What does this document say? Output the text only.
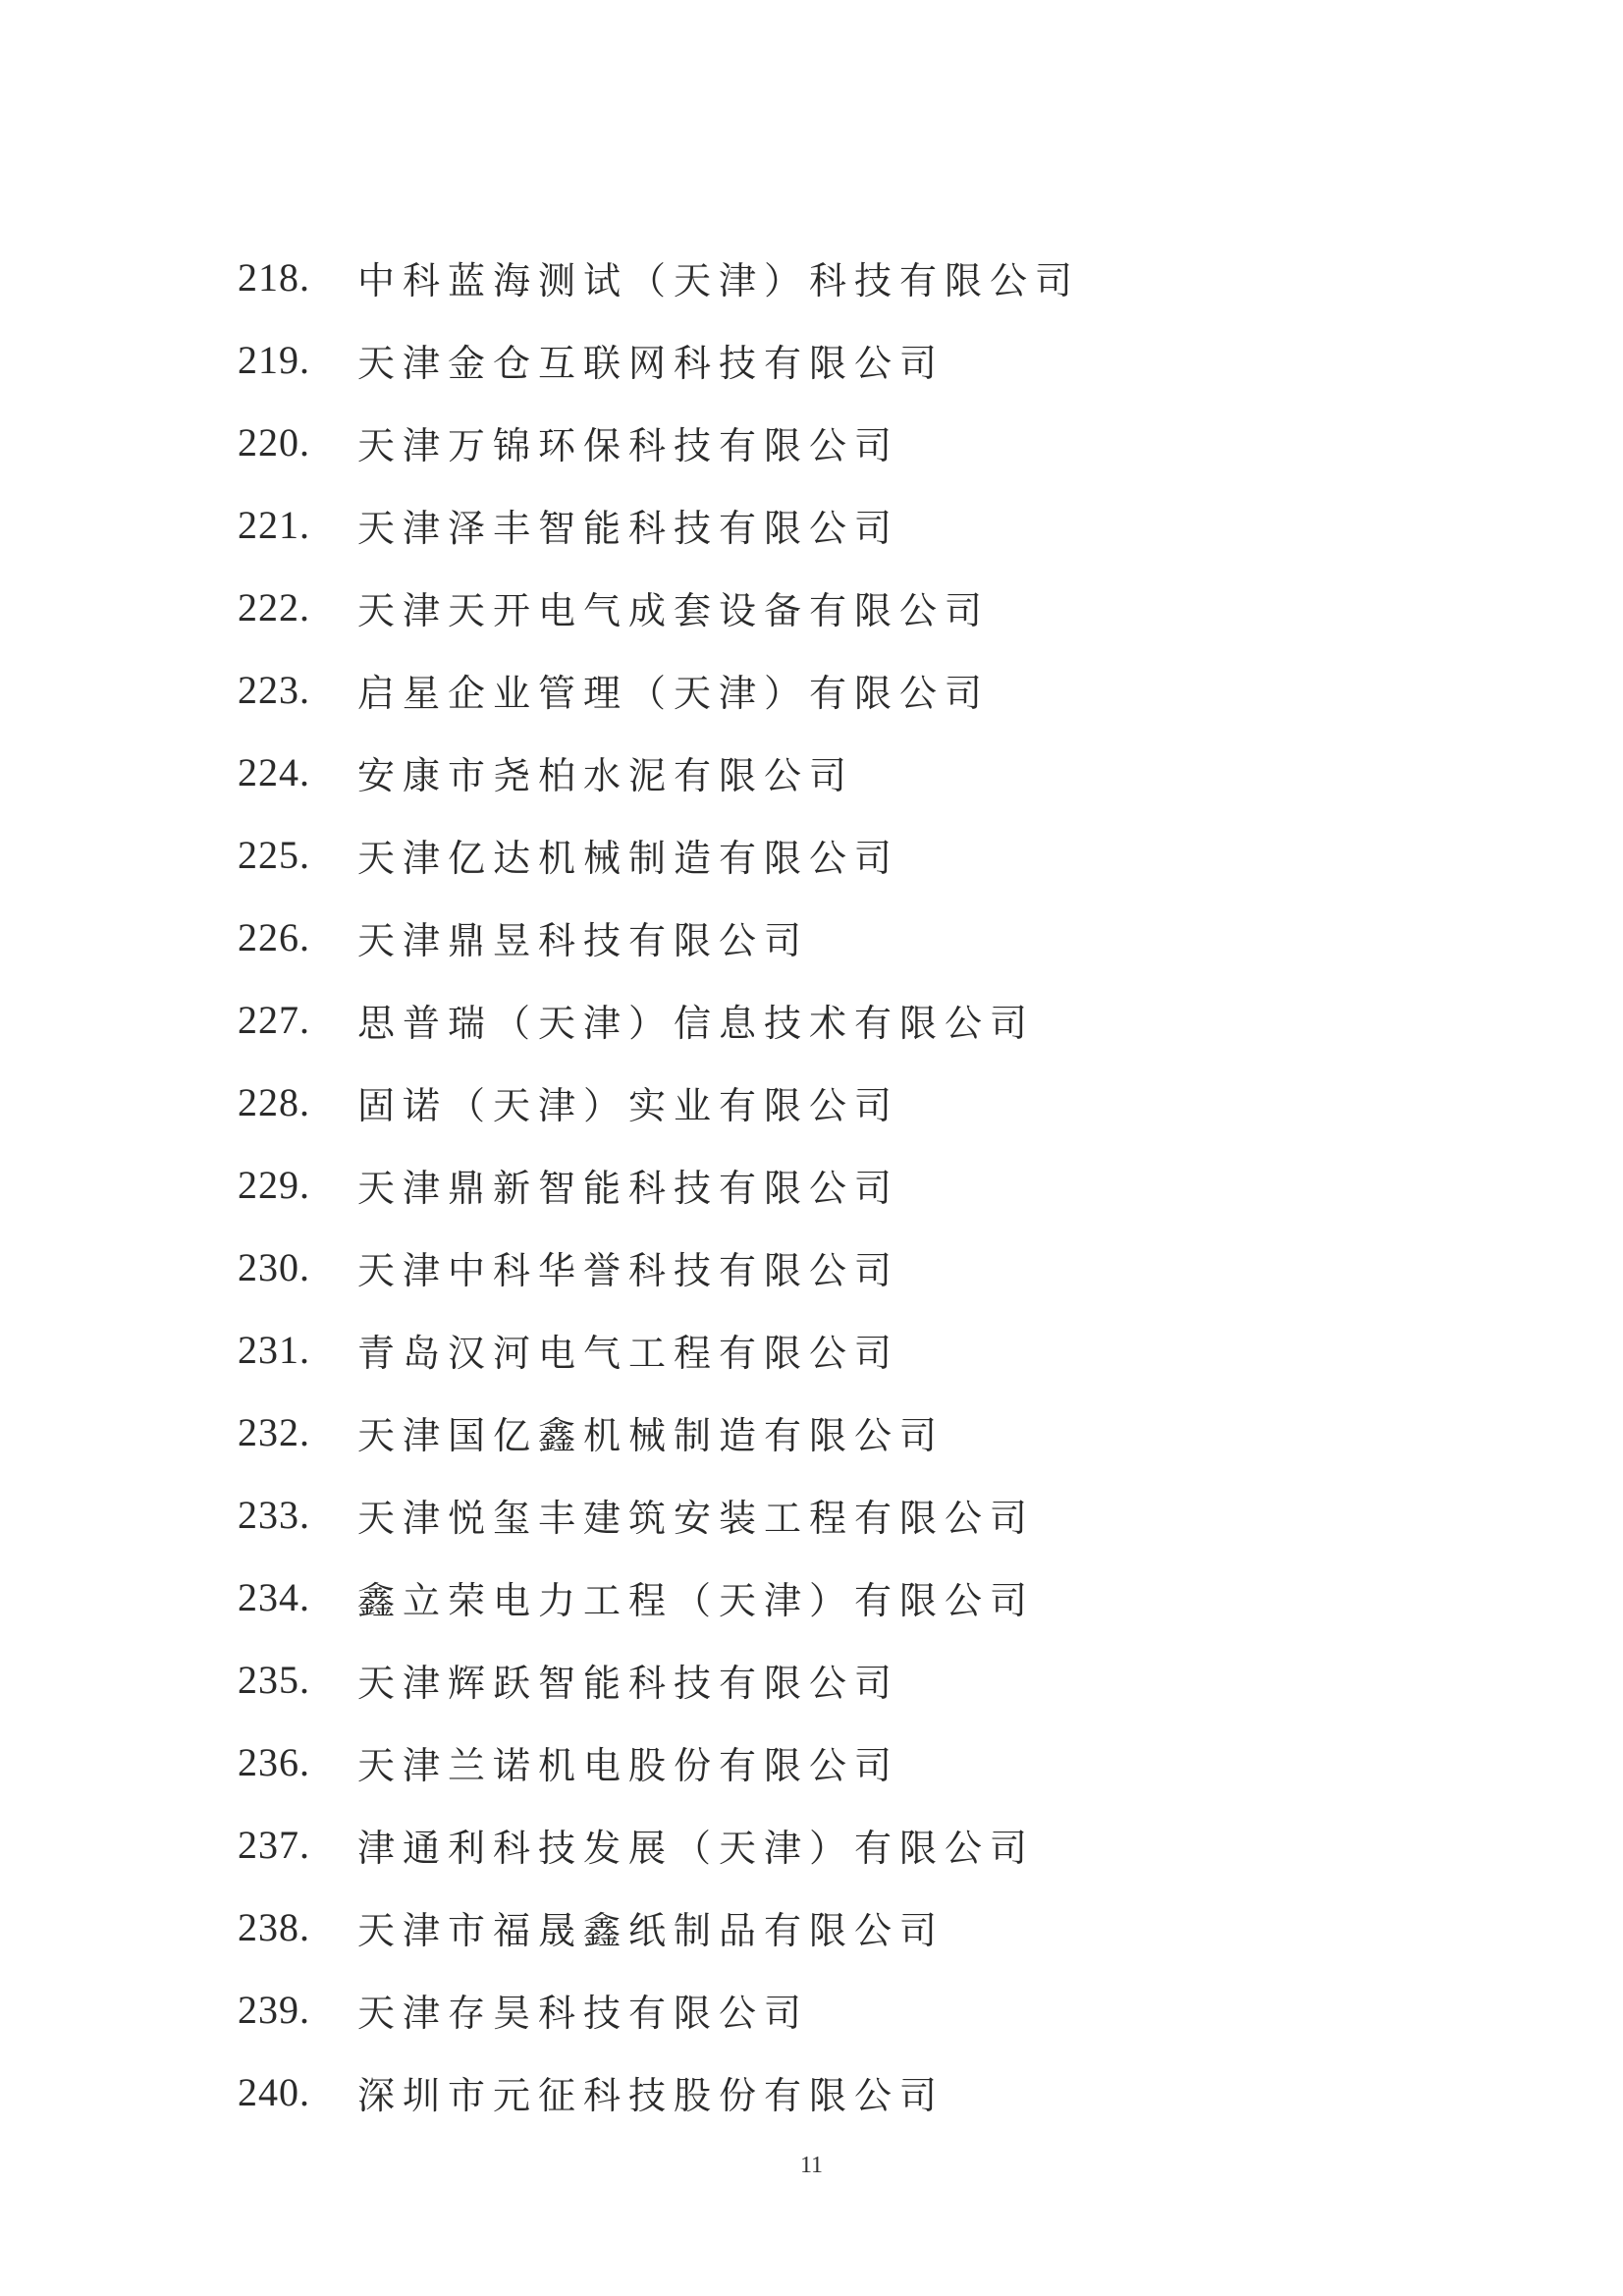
218.	中科蓝海测试（天津）科技有限公司
219.	天津金仓互联网科技有限公司
220.	天津万锦环保科技有限公司
221.	天津泽丰智能科技有限公司
222.	天津天开电气成套设备有限公司
223.	启星企业管理（天津）有限公司
224.	安康市尧柏水泥有限公司
225.	天津亿达机械制造有限公司
226.	天津鼎昱科技有限公司
227.	思普瑞（天津）信息技术有限公司
228.	固诺（天津）实业有限公司
229.	天津鼎新智能科技有限公司
230.	天津中科华誉科技有限公司
231.	青岛汉河电气工程有限公司
232.	天津国亿鑫机械制造有限公司
233.	天津悦玺丰建筑安装工程有限公司
234.	鑫立荣电力工程（天津）有限公司
235.	天津辉跃智能科技有限公司
236.	天津兰诺机电股份有限公司
237.	津通利科技发展（天津）有限公司
238.	天津市福晟鑫纸制品有限公司
239.	天津存昊科技有限公司
240.	深圳市元征科技股份有限公司
11
